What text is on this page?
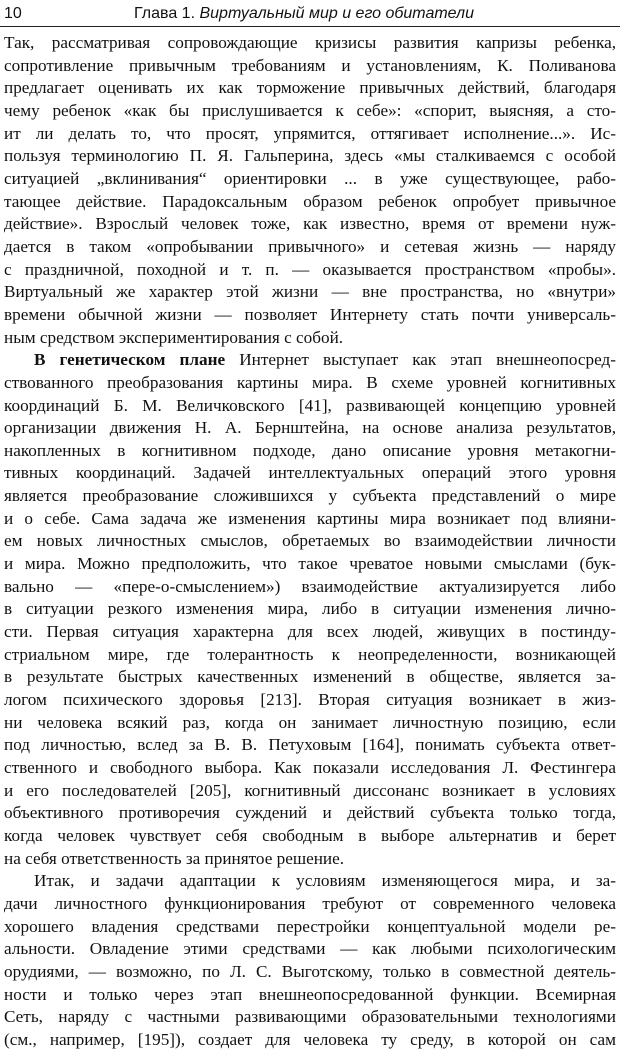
10	Глава 1. Виртуальный мир и его обитатели
Так, рассматривая сопровождающие кризисы развития капризы ребенка,
сопротивление привычным требованиям и установлениям, К. Поливанова
предлагает оценивать их как торможение привычных действий, благодаря
чему ребенок «как бы прислушивается к себе»: «спорит, выясняя, а сто-
ит ли делать то, что просят, упрямится, оттягивает исполнение...». Ис-
пользуя терминологию П. Я. Гальперина, здесь «мы сталкиваемся с особой
ситуацией „вклинивания“ ориентировки ... в уже существующее, рабо-
тающее действие. Парадоксальным образом ребенок опробует привычное
действие». Взрослый человек тоже, как известно, время от времени нуж-
дается в таком «опробывании привычного» и сетевая жизнь — наряду
с праздничной, походной и т. п. — оказывается пространством «пробы».
Виртуальный же характер этой жизни — вне пространства, но «внутри»
времени обычной жизни — позволяет Интернету стать почти универсаль-
ным средством экспериментирования с собой.
В генетическом плане Интернет выступает как этап внешнеопосред-
ствованного преобразования картины мира. В схеме уровней когнитивных
координаций Б. М. Величковского [41], развивающей концепцию уровней
организации движения Н. А. Бернштейна, на основе анализа результатов,
накопленных в когнитивном подходе, дано описание уровня метакогни-
тивных координаций. Задачей интеллектуальных операций этого уровня
является преобразование сложившихся у субъекта представлений о мире
и о себе. Сама задача же изменения картины мира возникает под влияни-
ем новых личностных смыслов, обретаемых во взаимодействии личности
и мира. Можно предположить, что такое чреватое новыми смыслами (бук-
вально — «пере-о-смыслением») взаимодействие актуализируется либо
в ситуации резкого изменения мира, либо в ситуации изменения лично-
сти. Первая ситуация характерна для всех людей, живущих в постинду-
стриальном мире, где толерантность к неопределенности, возникающей
в результате быстрых качественных изменений в обществе, является за-
логом психического здоровья [213]. Вторая ситуация возникает в жиз-
ни человека всякий раз, когда он занимает личностную позицию, если
под личностью, вслед за В. В. Петуховым [164], понимать субъекта ответ-
ственного и свободного выбора. Как показали исследования Л. Фестингера
и его последователей [205], когнитивный диссонанс возникает в условиях
объективного противоречия суждений и действий субъекта только тогда,
когда человек чувствует себя свободным в выборе альтернатив и берет
на себя ответственность за принятое решение.
Итак, и задачи адаптации к условиям изменяющегося мира, и за-
дачи личностного функционирования требуют от современного человека
хорошего владения средствами перестройки концептуальной модели ре-
альности. Овладение этими средствами — как любыми психологическим
орудиями, — возможно, по Л. С. Выготскому, только в совместной деятель-
ности и только через этап внешнеопосредованной функции. Всемирная
Сеть, наряду с частными развивающими образовательными технологиями
(см., например, [195]), создает для человека ту среду, в которой он сам
